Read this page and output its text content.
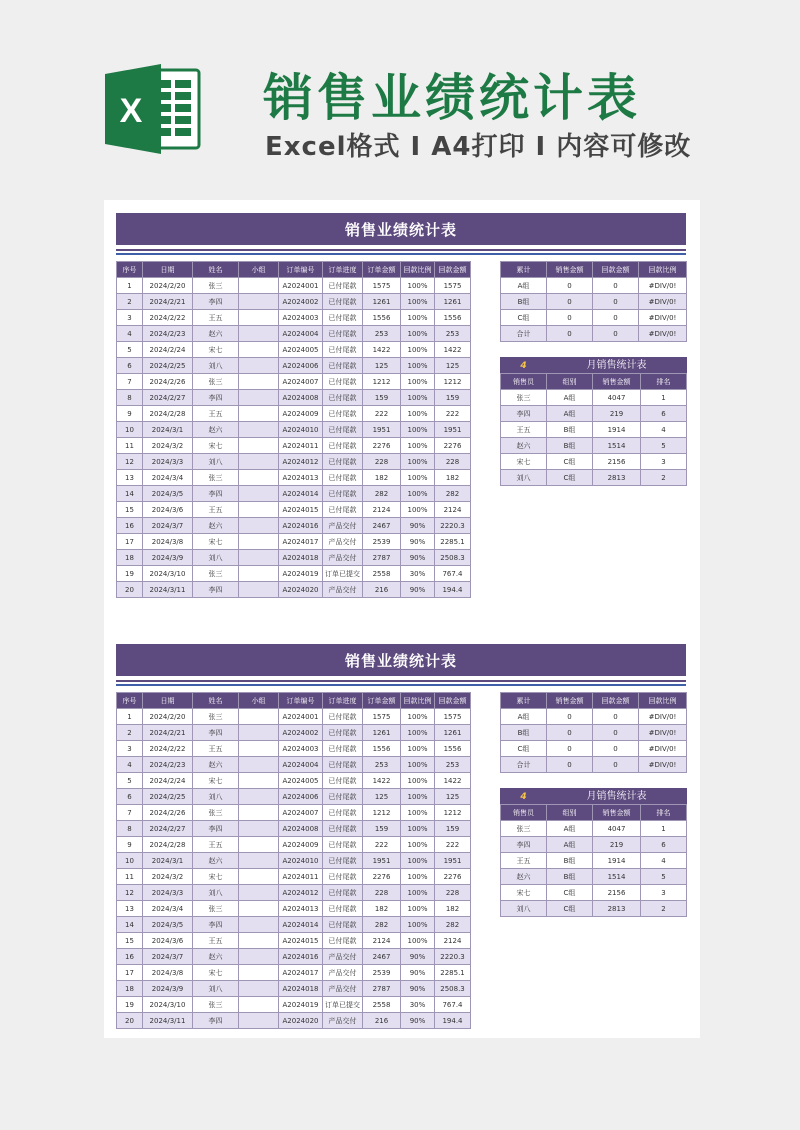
X 销售业绩统计表
Excel格式 I A4打印 I 内容可修改
销售业绩统计表
序号	日期	姓名	小组	订单编号	订单进度	订单金额	回款比例	回款金额
1	2024/2/20	张三		A2024001	已付尾款	1575	100%	1575
2	2024/2/21	李四		A2024002	已付尾款	1261	100%	1261
3	2024/2/22	王五		A2024003	已付尾款	1556	100%	1556
4	2024/2/23	赵六		A2024004	已付尾款	253	100%	253
5	2024/2/24	宋七		A2024005	已付尾款	1422	100%	1422
6	2024/2/25	刘八		A2024006	已付尾款	125	100%	125
7	2024/2/26	张三		A2024007	已付尾款	1212	100%	1212
8	2024/2/27	李四		A2024008	已付尾款	159	100%	159
9	2024/2/28	王五		A2024009	已付尾款	222	100%	222
10	2024/3/1	赵六		A2024010	已付尾款	1951	100%	1951
11	2024/3/2	宋七		A2024011	已付尾款	2276	100%	2276
12	2024/3/3	刘八		A2024012	已付尾款	228	100%	228
13	2024/3/4	张三		A2024013	已付尾款	182	100%	182
14	2024/3/5	李四		A2024014	已付尾款	282	100%	282
15	2024/3/6	王五		A2024015	已付尾款	2124	100%	2124
16	2024/3/7	赵六		A2024016	产品交付	2467	90%	2220.3
17	2024/3/8	宋七		A2024017	产品交付	2539	90%	2285.1
18	2024/3/9	刘八		A2024018	产品交付	2787	90%	2508.3
19	2024/3/10	张三		A2024019	订单已提交	2558	30%	767.4
20	2024/3/11	李四		A2024020	产品交付	216	90%	194.4
累计	销售金额	回款金额	回款比例
A组	0	0	#DIV/0!
B组	0	0	#DIV/0!
C组	0	0	#DIV/0!
合计	0	0	#DIV/0!
4	月销售统计表
销售员	组别	销售金额	排名
张三	A组	4047	1
李四	A组	219	6
王五	B组	1914	4
赵六	B组	1514	5
宋七	C组	2156	3
刘八	C组	2813	2
销售业绩统计表
序号	日期	姓名	小组	订单编号	订单进度	订单金额	回款比例	回款金额
1	2024/2/20	张三		A2024001	已付尾款	1575	100%	1575
2	2024/2/21	李四		A2024002	已付尾款	1261	100%	1261
3	2024/2/22	王五		A2024003	已付尾款	1556	100%	1556
4	2024/2/23	赵六		A2024004	已付尾款	253	100%	253
5	2024/2/24	宋七		A2024005	已付尾款	1422	100%	1422
6	2024/2/25	刘八		A2024006	已付尾款	125	100%	125
7	2024/2/26	张三		A2024007	已付尾款	1212	100%	1212
8	2024/2/27	李四		A2024008	已付尾款	159	100%	159
9	2024/2/28	王五		A2024009	已付尾款	222	100%	222
10	2024/3/1	赵六		A2024010	已付尾款	1951	100%	1951
11	2024/3/2	宋七		A2024011	已付尾款	2276	100%	2276
12	2024/3/3	刘八		A2024012	已付尾款	228	100%	228
13	2024/3/4	张三		A2024013	已付尾款	182	100%	182
14	2024/3/5	李四		A2024014	已付尾款	282	100%	282
15	2024/3/6	王五		A2024015	已付尾款	2124	100%	2124
16	2024/3/7	赵六		A2024016	产品交付	2467	90%	2220.3
17	2024/3/8	宋七		A2024017	产品交付	2539	90%	2285.1
18	2024/3/9	刘八		A2024018	产品交付	2787	90%	2508.3
19	2024/3/10	张三		A2024019	订单已提交	2558	30%	767.4
20	2024/3/11	李四		A2024020	产品交付	216	90%	194.4
累计	销售金额	回款金额	回款比例
A组	0	0	#DIV/0!
B组	0	0	#DIV/0!
C组	0	0	#DIV/0!
合计	0	0	#DIV/0!
4	月销售统计表
销售员	组别	销售金额	排名
张三	A组	4047	1
李四	A组	219	6
王五	B组	1914	4
赵六	B组	1514	5
宋七	C组	2156	3
刘八	C组	2813	2
